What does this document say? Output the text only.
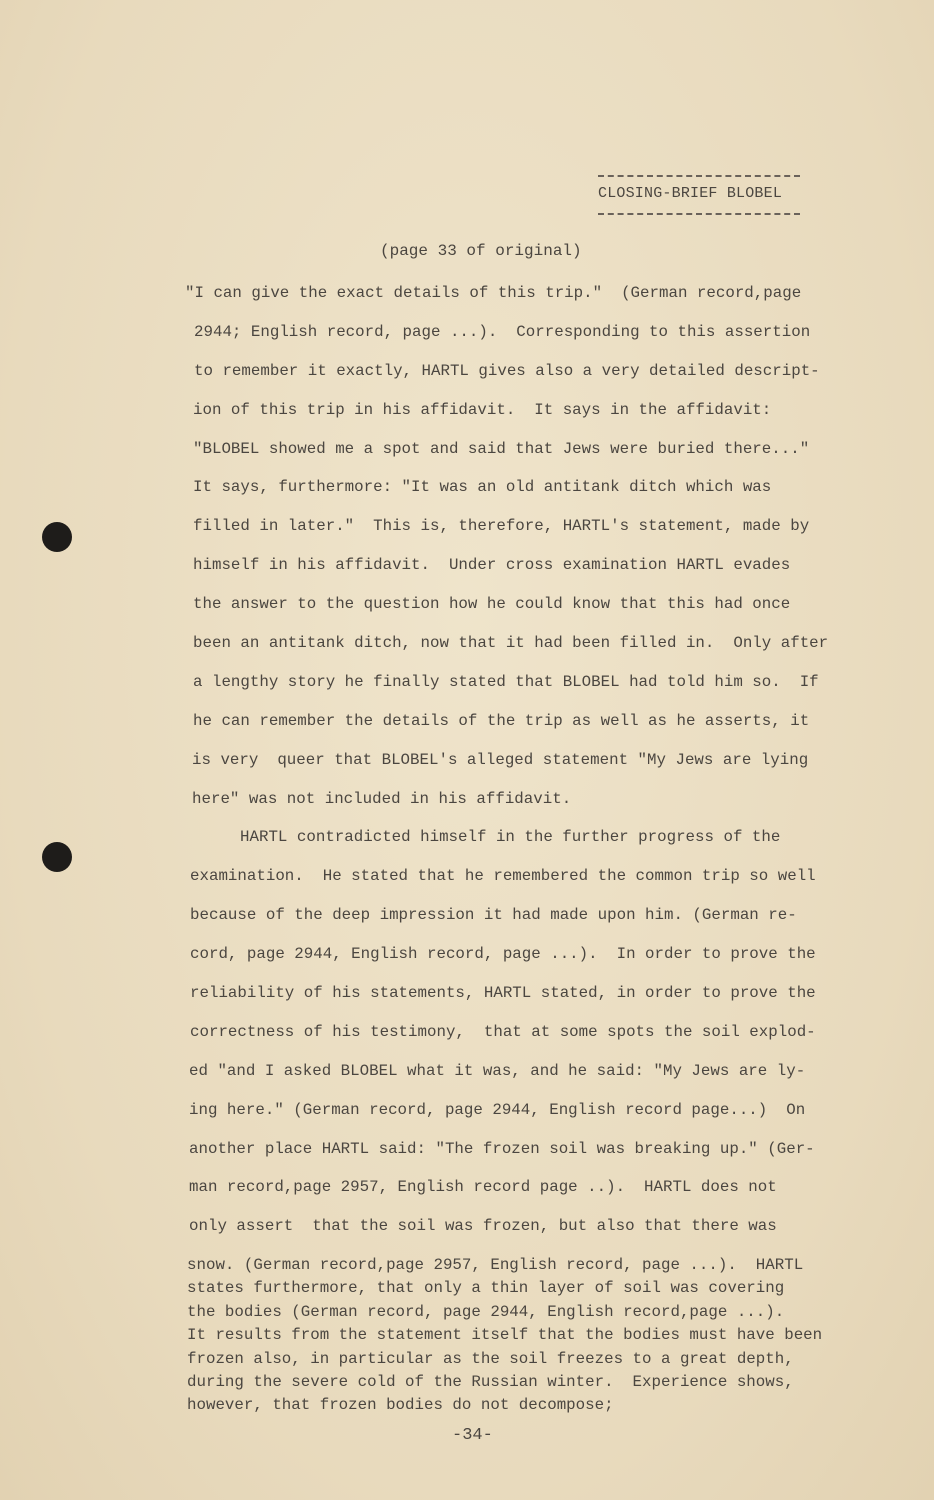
CLOSING-BRIEF BLOBEL
(page 33 of original)
"I can give the exact details of this trip."  (German record,page
2944; English record, page ...).  Corresponding to this assertion
to remember it exactly, HARTL gives also a very detailed descript-
ion of this trip in his affidavit.  It says in the affidavit:
"BLOBEL showed me a spot and said that Jews were buried there..."
It says, furthermore: "It was an old antitank ditch which was
filled in later."  This is, therefore, HARTL's statement, made by
himself in his affidavit.  Under cross examination HARTL evades
the answer to the question how he could know that this had once
been an antitank ditch, now that it had been filled in.  Only after
a lengthy story he finally stated that BLOBEL had told him so.  If
he can remember the details of the trip as well as he asserts, it
is very  queer that BLOBEL's alleged statement "My Jews are lying
here" was not included in his affidavit.
HARTL contradicted himself in the further progress of the
examination.  He stated that he remembered the common trip so well
because of the deep impression it had made upon him. (German re-
cord, page 2944, English record, page ...).  In order to prove the
reliability of his statements, HARTL stated, in order to prove the
correctness of his testimony,  that at some spots the soil explod-
ed "and I asked BLOBEL what it was, and he said: "My Jews are ly-
ing here." (German record, page 2944, English record page...)  On
another place HARTL said: "The frozen soil was breaking up." (Ger-
man record,page 2957, English record page ..).  HARTL does not
only assert  that the soil was frozen, but also that there was
snow. (German record,page 2957, English record, page ...).  HARTL
states furthermore, that only a thin layer of soil was covering
the bodies (German record, page 2944, English record,page ...).
It results from the statement itself that the bodies must have been
frozen also, in particular as the soil freezes to a great depth,
during the severe cold of the Russian winter.  Experience shows,
however, that frozen bodies do not decompose;
-34-
